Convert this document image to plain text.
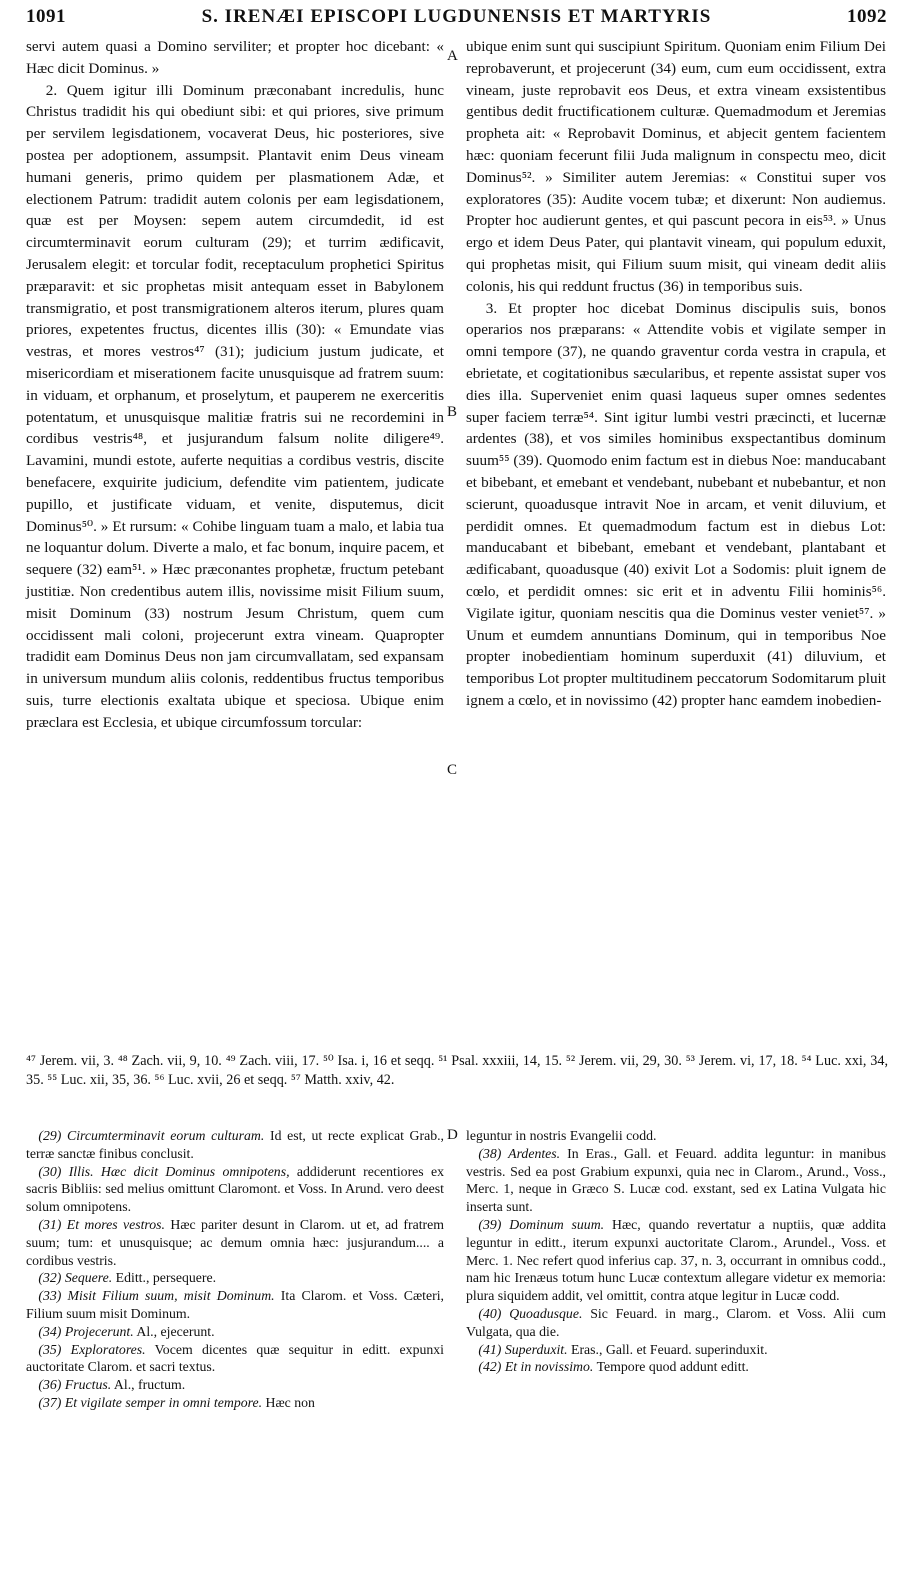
1091	S. IRENÆI EPISCOPI LUGDUNENSIS ET MARTYRIS	1092

servi autem quasi a Domino serviliter; et propter hoc dicebant: « Hæc dicit Dominus. »

2. Quem igitur illi Dominum præconabant incredulis, hunc Christus tradidit his qui obediunt sibi: et qui priores, sive primum per servilem legisdationem, vocaverat Deus, hic posteriores, sive postea per adoptionem, assumpsit. Plantavit enim Deus vineam humani generis, primo quidem per plasmationem Adæ, et electionem Patrum: tradidit autem colonis per eam legisdationem, quæ est per Moysen: sepem autem circumdedit, id est circumterminavit eorum culturam (29); et turrim ædificavit, Jerusalem elegit: et torcular fodit, receptaculum prophetici Spiritus præparavit: et sic prophetas misit antequam esset in Babylonem transmigratio, et post transmigrationem alteros iterum, plures quam priores, expetentes fructus, dicentes illis (30): « Emundate vias vestras, et mores vestros⁴⁷ (31); judicium justum judicate, et misericordiam et miserationem facite unusquisque ad fratrem suum: in viduam, et orphanum, et proselytum, et pauperem ne exerceritis potentatum, et unusquisque malitiæ fratris sui ne recordemini in cordibus vestris⁴⁸, et jusjurandum falsum nolite diligere⁴⁹. Lavamini, mundi estote, auferte nequitias a cordibus vestris, discite benefacere, exquirite judicium, defendite vim patientem, judicate pupillo, et justificate viduam, et venite, disputemus, dicit Dominus⁵⁰. » Et rursum: « Cohibe linguam tuam a malo, et labia tua ne loquantur dolum. Diverte a malo, et fac bonum, inquire pacem, et sequere (32) eam⁵¹. » Hæc præconantes prophetæ, fructum petebant justitiæ. Non credentibus autem illis, novissime misit Filium suum, misit Dominum (33) nostrum Jesum Christum, quem cum occidissent mali coloni, projecerunt extra vineam. Quapropter tradidit eam Dominus Deus non jam circumvallatam, sed expansam in universum mundum aliis colonis, reddentibus fructus temporibus suis, turre electionis exaltata ubique et speciosa. Ubique enim præclara est Ecclesia, et ubique circumfossum torcular:

ubique enim sunt qui suscipiunt Spiritum. Quoniam enim Filium Dei reprobaverunt, et projecerunt (34) eum, cum eum occidissent, extra vineam, juste reprobavit eos Deus, et extra vineam exsistentibus gentibus dedit fructificationem culturæ. Quemadmodum et Jeremias propheta ait: « Reprobavit Dominus, et abjecit gentem facientem hæc: quoniam fecerunt filii Juda malignum in conspectu meo, dicit Dominus⁵². » Similiter autem Jeremias: « Constitui super vos exploratores (35): Audite vocem tubæ; et dixerunt: Non audiemus. Propter hoc audierunt gentes, et qui pascunt pecora in eis⁵³. » Unus ergo et idem Deus Pater, qui plantavit vineam, qui populum eduxit, qui prophetas misit, qui Filium suum misit, qui vineam dedit aliis colonis, his qui reddunt fructus (36) in temporibus suis.

3. Et propter hoc dicebat Dominus discipulis suis, bonos operarios nos præparans: « Attendite vobis et vigilate semper in omni tempore (37), ne quando graventur corda vestra in crapula, et ebrietate, et cogitationibus sæcularibus, et repente assistat super vos dies illa. Superveniet enim quasi laqueus super omnes sedentes super faciem terræ⁵⁴. Sint igitur lumbi vestri præcincti, et lucernæ ardentes (38), et vos similes hominibus exspectantibus dominum suum⁵⁵ (39). Quomodo enim factum est in diebus Noe: manducabant et bibebant, et emebant et vendebant, nubebant et nubebantur, et non scierunt, quoadusque intravit Noe in arcam, et venit diluvium, et perdidit omnes. Et quemadmodum factum est in diebus Lot: manducabant et bibebant, emebant et vendebant, plantabant et ædificabant, quoadusque (40) exivit Lot a Sodomis: pluit ignem de cœlo, et perdidit omnes: sic erit et in adventu Filii hominis⁵⁶. Vigilate igitur, quoniam nescitis qua die Dominus vester veniet⁵⁷. » Unum et eumdem annuntians Dominum, qui in temporibus Noe propter inobedientiam hominum superduxit (41) diluvium, et temporibus Lot propter multitudinem peccatorum Sodomitarum pluit ignem a cœlo, et in novissimo (42) propter hanc eamdem inobedien-

A
B
C
D
⁴⁷ Jerem. vii, 3. ⁴⁸ Zach. vii, 9, 10. ⁴⁹ Zach. viii, 17. ⁵⁰ Isa. i, 16 et seqq. ⁵¹ Psal. xxxiii, 14, 15. ⁵² Jerem. vii, 29, 30. ⁵³ Jerem. vi, 17, 18. ⁵⁴ Luc. xxi, 34, 35. ⁵⁵ Luc. xii, 35, 36. ⁵⁶ Luc. xvii, 26 et seqq. ⁵⁷ Matth. xxiv, 42.

(29) Circumterminavit eorum culturam. Id est, ut recte explicat Grab., terræ sanctæ finibus conclusit.

(30) Illis. Hæc dicit Dominus omnipotens, addiderunt recentiores ex sacris Bibliis: sed melius omittunt Claromont. et Voss. In Arund. vero deest solum omnipotens.

(31) Et mores vestros. Hæc pariter desunt in Clarom. ut et, ad fratrem suum; tum: et unusquisque; ac demum omnia hæc: jusjurandum.... a cordibus vestris.

(32) Sequere. Editt., persequere.

(33) Misit Filium suum, misit Dominum. Ita Clarom. et Voss. Cæteri, Filium suum misit Dominum.

(34) Projecerunt. Al., ejecerunt.

(35) Exploratores. Vocem dicentes quæ sequitur in editt. expunxi auctoritate Clarom. et sacri textus.

(36) Fructus. Al., fructum.

(37) Et vigilate semper in omni tempore. Hæc non

leguntur in nostris Evangelii codd.

(38) Ardentes. In Eras., Gall. et Feuard. addita leguntur: in manibus vestris. Sed ea post Grabium expunxi, quia nec in Clarom., Arund., Voss., Merc. 1, neque in Græco S. Lucæ cod. exstant, sed ex Latina Vulgata hic inserta sunt.

(39) Dominum suum. Hæc, quando revertatur a nuptiis, quæ addita leguntur in editt., iterum expunxi auctoritate Clarom., Arundel., Voss. et Merc. 1. Nec refert quod inferius cap. 37, n. 3, occurrant in omnibus codd., nam hic Irenæus totum hunc Lucæ contextum allegare videtur ex memoria: plura siquidem addit, vel omittit, contra atque legitur in Lucæ codd.

(40) Quoadusque. Sic Feuard. in marg., Clarom. et Voss. Alii cum Vulgata, qua die.

(41) Superduxit. Eras., Gall. et Feuard. superinduxit.

(42) Et in novissimo. Tempore quod addunt editt.
